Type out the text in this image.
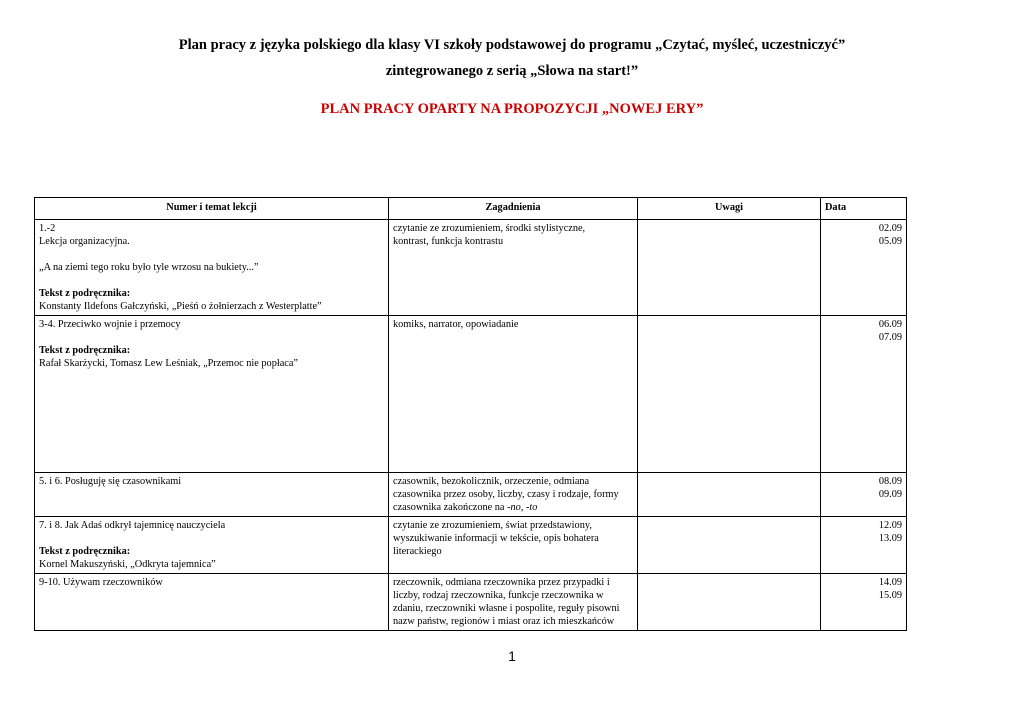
Plan pracy z języka polskiego dla klasy VI szkoły podstawowej do programu „Czytać, myśleć, uczestniczyć”
zintegrowanego z serią „Słowa na start!”
PLAN PRACY OPARTY NA PROPOZYCJI „NOWEJ ERY”
Numer i temat lekcji	Zagadnienia	Uwagi	Data

1.-2
Lekcja organizacyjna.
„A na ziemi tego roku było tyle wrzosu na bukiety...”
Tekst z podręcznika:
Konstanty Ildefons Gałczyński, „Pieśń o żołnierzach z Westerplatte”	czytanie ze zrozumieniem, środki stylistyczne,
kontrast, funkcja kontrastu		02.09
05.09

3-4. Przeciwko wojnie i przemocy
Tekst z podręcznika:
Rafał Skarżycki, Tomasz Lew Leśniak, „Przemoc nie popłaca”	komiks, narrator, opowiadanie		06.09
07.09

5. i 6. Posługuję się czasownikami	czasownik, bezokolicznik, orzeczenie, odmiana
czasownika przez osoby, liczby, czasy i rodzaje, formy
czasownika zakończone na -no, -to		08.09
09.09

7. i 8. Jak Adaś odkrył tajemnicę nauczyciela
Tekst z podręcznika:
Kornel Makuszyński, „Odkryta tajemnica”	czytanie ze zrozumieniem, świat przedstawiony,
wyszukiwanie informacji w tekście, opis bohatera
literackiego		12.09
13.09

9-10. Używam rzeczowników	rzeczownik, odmiana rzeczownika przez przypadki i
liczby, rodzaj rzeczownika, funkcje rzeczownika w
zdaniu, rzeczowniki własne i pospolite, reguły pisowni
nazw państw, regionów i miast oraz ich mieszkańców		14.09
15.09
1
